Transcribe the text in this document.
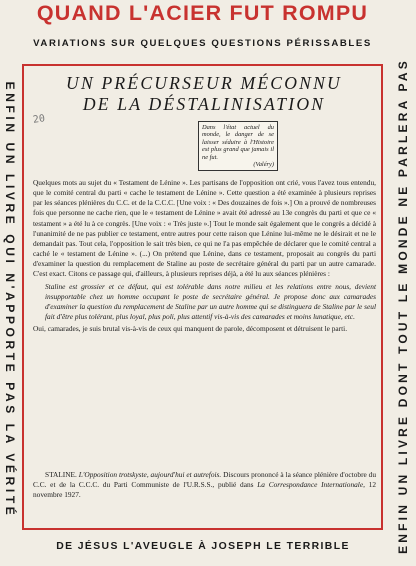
QUAND L'ACIER FUT ROMPU
VARIATIONS SUR QUELQUES QUESTIONS PÉRISSABLES
ENFIN UN LIVRE QUI N'APPORTE PAS LA VÉRITÉ	ENFIN UN LIVRE DONT TOUT LE MONDE NE PARLERA PAS
20
UN PRÉCURSEUR MÉCONNU
DE LA DÉSTALINISATION
Dans l'état actuel du monde, le danger de se laisser séduire à l'Histoire est plus grand que jamais il ne fut.
(Valéry)

Quelques mots au sujet du « Testament de Lénine ». Les partisans de l'opposition ont crié, vous l'avez tous entendu, que le comité central du parti « cache le testament de Lénine ». Cette question a été examinée à plusieurs reprises par les séances plénières du C.C. et de la C.C.C. [Une voix : « Des douzaines de fois ».] On a prouvé de nombreuses fois que personne ne cache rien, que le « testament de Lénine » avait été adressé au 13e congrès du parti et que ce « testament » a été lu à ce congrès. [Une voix : « Très juste ».] Tout le monde sait également que le congrès a décidé à l'unanimité de ne pas publier ce testament, entre autres pour cette raison que Lénine lui-même ne le désirait et ne le demandait pas. Tout cela, l'opposition le sait très bien, ce qui ne l'a pas empêchée de déclarer que le comité central a caché le « testament de Lénine ». (...) On prétend que Lénine, dans ce testament, proposait au congrès du parti d'examiner la question du remplacement de Staline au poste de secrétaire général du parti par un autre camarade. C'est exact. Citons ce passage qui, d'ailleurs, à plusieurs reprises déjà, a été lu aux séances plénières :

Staline est grossier et ce défaut, qui est tolérable dans notre milieu et les relations entre nous, devient insupportable chez un homme occupant le poste de secrétaire général. Je propose donc aux camarades d'examiner la question du remplacement de Staline par un autre homme qui se distinguera de Staline par le seul fait d'être plus tolérant, plus loyal, plus poli, plus attentif vis-à-vis des camarades et moins lunatique, etc.

Oui, camarades, je suis brutal vis-à-vis de ceux qui manquent de parole, décomposent et détruisent le parti.

STALINE. L'Opposition trotskyste, aujourd'hui et autrefois. Discours prononcé à la séance plénière d'octobre du C.C. et de la C.C.C. du Parti Communiste de l'U.R.S.S., publié dans La Correspondance Internationale, 12 novembre 1927.
DE JÉSUS L'AVEUGLE À JOSEPH LE TERRIBLE
